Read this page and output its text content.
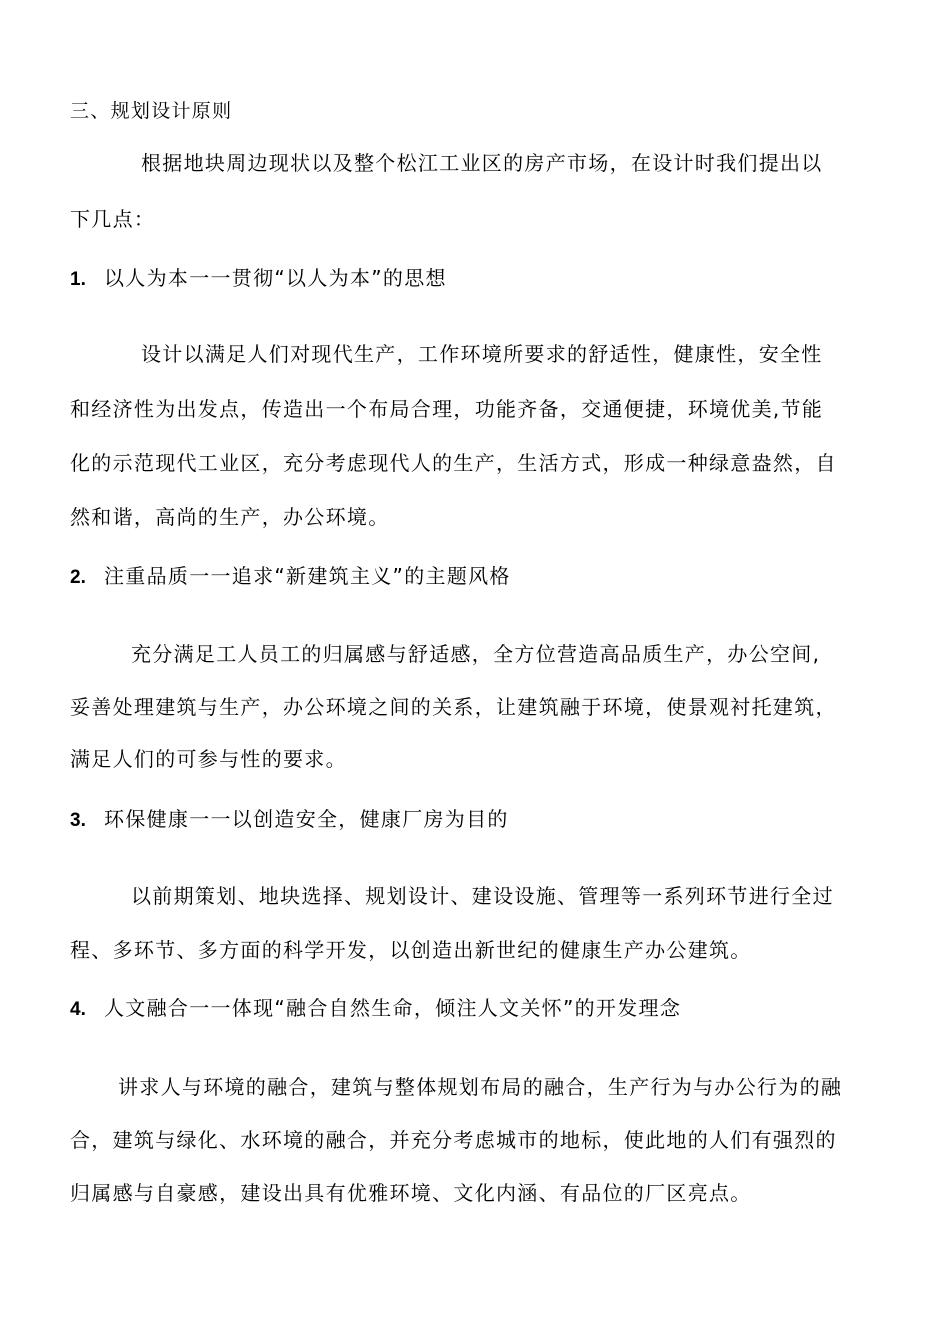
三、规划设计原则
根据地块周边现状以及整个松江工业区的房产市场，在设计时我们提出以
下几点：
1. 以人为本一一贯彻“以人为本”的思想
设计以满足人们对现代生产，工作环境所要求的舒适性，健康性，安全性
和经济性为出发点，传造出一个布局合理，功能齐备，交通便捷，环境优美,节能
化的示范现代工业区，充分考虑现代人的生产，生活方式，形成一种绿意盎然，自
然和谐，高尚的生产，办公环境。
2. 注重品质一一追求“新建筑主义”的主题风格
充分满足工人员工的归属感与舒适感，全方位营造高品质生产，办公空间,
妥善处理建筑与生产，办公环境之间的关系，让建筑融于环境，使景观衬托建筑，
满足人们的可参与性的要求。
3. 环保健康一一以创造安全，健康厂房为目的
以前期策划、地块选择、规划设计、建设设施、管理等一系列环节进行全过
程、多环节、多方面的科学开发，以创造出新世纪的健康生产办公建筑。
4. 人文融合一一体现“融合自然生命，倾注人文关怀”的开发理念
讲求人与环境的融合，建筑与整体规划布局的融合，生产行为与办公行为的融
合，建筑与绿化、水环境的融合，并充分考虑城市的地标，使此地的人们有强烈的
归属感与自豪感，建设出具有优雅环境、文化内涵、有品位的厂区亮点。
